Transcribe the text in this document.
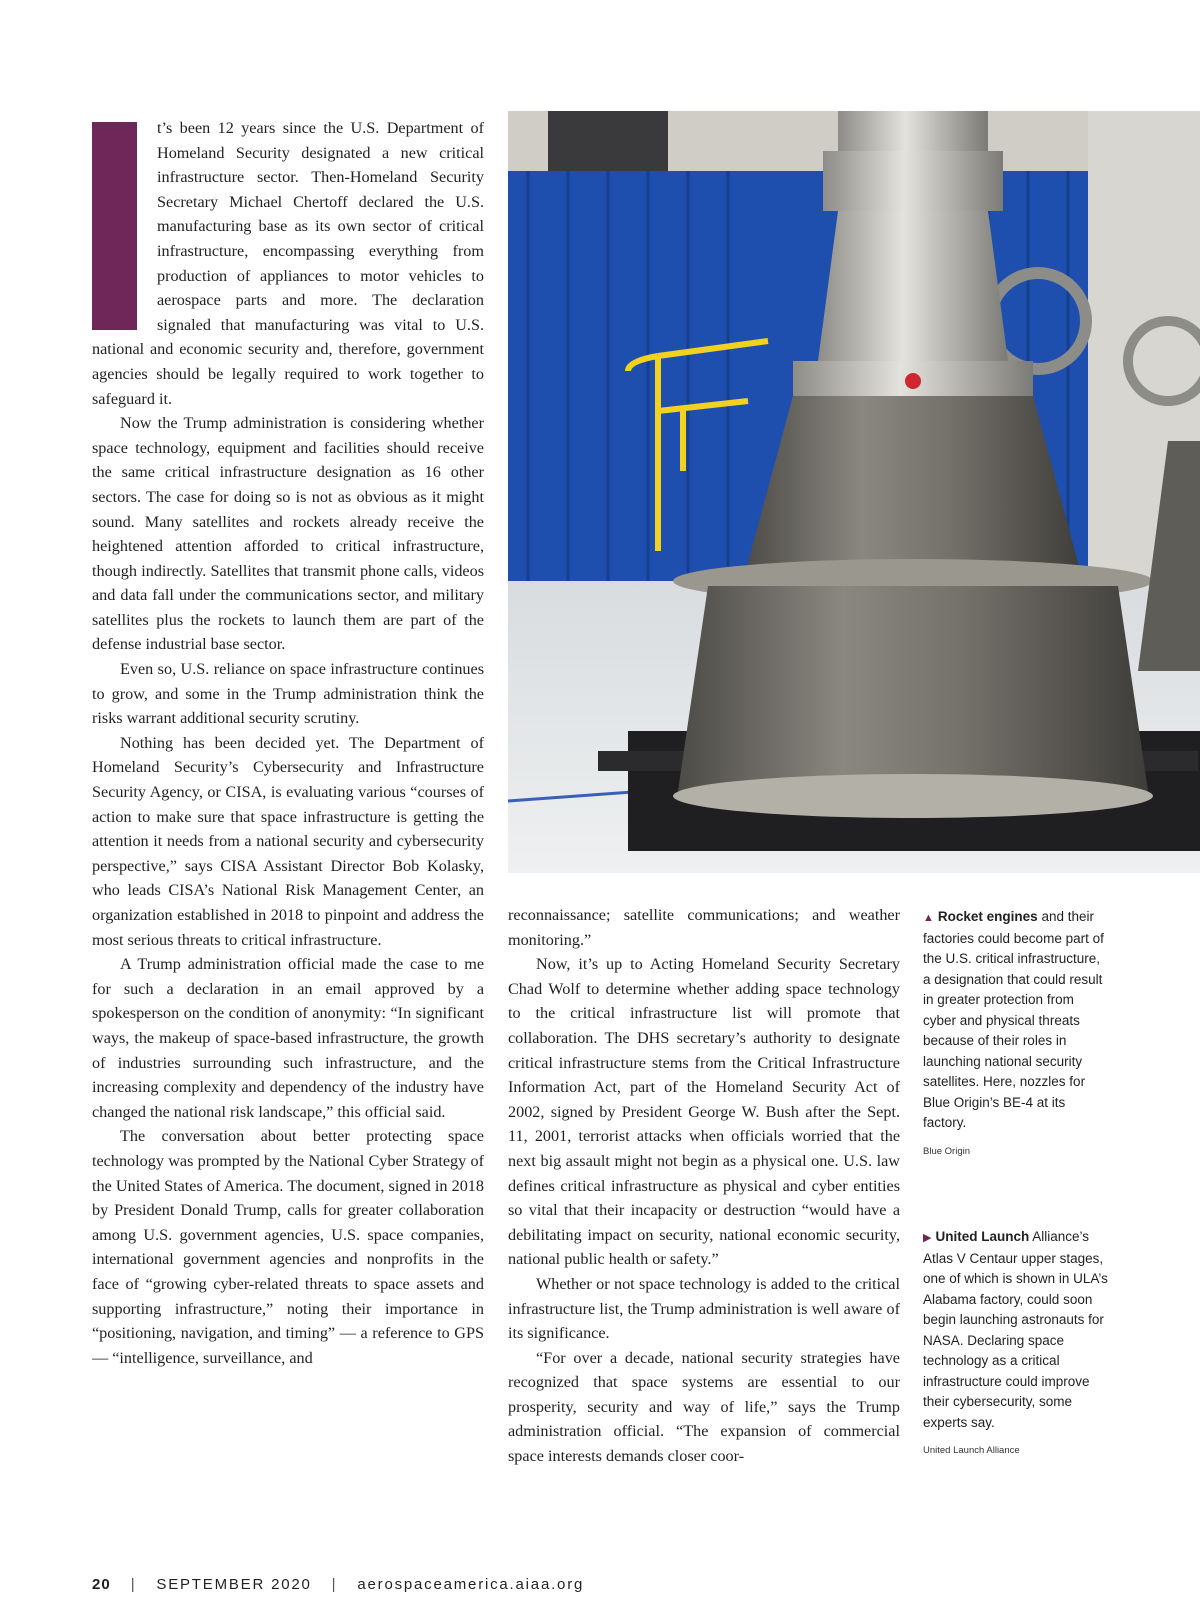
t’s been 12 years since the U.S. Department of Homeland Security designated a new critical infrastructure sector. Then-Homeland Security Secretary Michael Chertoff declared the U.S. manufacturing base as its own sector of critical infrastructure, encompassing everything from production of appliances to motor vehicles to aerospace parts and more. The declaration signaled that manufacturing was vital to U.S. national and economic security and, therefore, government agencies should be legally required to work together to safeguard it.

Now the Trump administration is considering whether space technology, equipment and facilities should receive the same critical infrastructure designation as 16 other sectors. The case for doing so is not as obvious as it might sound. Many satellites and rockets already receive the heightened attention afforded to critical infrastructure, though indirectly. Satellites that transmit phone calls, videos and data fall under the communications sector, and military satellites plus the rockets to launch them are part of the defense industrial base sector.

Even so, U.S. reliance on space infrastructure continues to grow, and some in the Trump administration think the risks warrant additional security scrutiny.

Nothing has been decided yet. The Department of Homeland Security’s Cybersecurity and Infrastructure Security Agency, or CISA, is evaluating various “courses of action to make sure that space infrastructure is getting the attention it needs from a national security and cybersecurity perspective,” says CISA Assistant Director Bob Kolasky, who leads CISA’s National Risk Management Center, an organization established in 2018 to pinpoint and address the most serious threats to critical infrastructure.

A Trump administration official made the case to me for such a declaration in an email approved by a spokesperson on the condition of anonymity: “In significant ways, the makeup of space-based infrastructure, the growth of industries surrounding such infrastructure, and the increasing complexity and dependency of the industry have changed the national risk landscape,” this official said.

The conversation about better protecting space technology was prompted by the National Cyber Strategy of the United States of America. The document, signed in 2018 by President Donald Trump, calls for greater collaboration among U.S. government agencies, U.S. space companies, international government agencies and nonprofits in the face of “growing cyber-related threats to space assets and supporting infrastructure,” noting their importance in “positioning, navigation, and timing” — a reference to GPS –– “intelligence, surveillance, and

reconnaissance; satellite communications; and weather monitoring.”

Now, it’s up to Acting Homeland Security Secretary Chad Wolf to determine whether adding space technology to the critical infrastructure list will promote that collaboration. The DHS secretary’s authority to designate critical infrastructure stems from the Critical Infrastructure Information Act, part of the Homeland Security Act of 2002, signed by President George W. Bush after the Sept. 11, 2001, terrorist attacks when officials worried that the next big assault might not begin as a physical one. U.S. law defines critical infrastructure as physical and cyber entities so vital that their incapacity or destruction “would have a debilitating impact on security, national economic security, national public health or safety.”

Whether or not space technology is added to the critical infrastructure list, the Trump administration is well aware of its significance.

“For over a decade, national security strategies have recognized that space systems are essential to our prosperity, security and way of life,” says the Trump administration official. “The expansion of commercial space interests demands closer coor-

▲ Rocket engines and their factories could become part of the U.S. critical infrastructure, a designation that could result in greater protection from cyber and physical threats because of their roles in launching national security satellites. Here, nozzles for Blue Origin’s BE-4 at its factory.
Blue Origin
▶ United Launch Alliance’s Atlas V Centaur upper stages, one of which is shown in ULA’s Alabama factory, could soon begin launching astronauts for NASA. Declaring space technology as a critical infrastructure could improve their cybersecurity, some experts say.
United Launch Alliance
20 | SEPTEMBER 2020 | aerospaceamerica.aiaa.org
